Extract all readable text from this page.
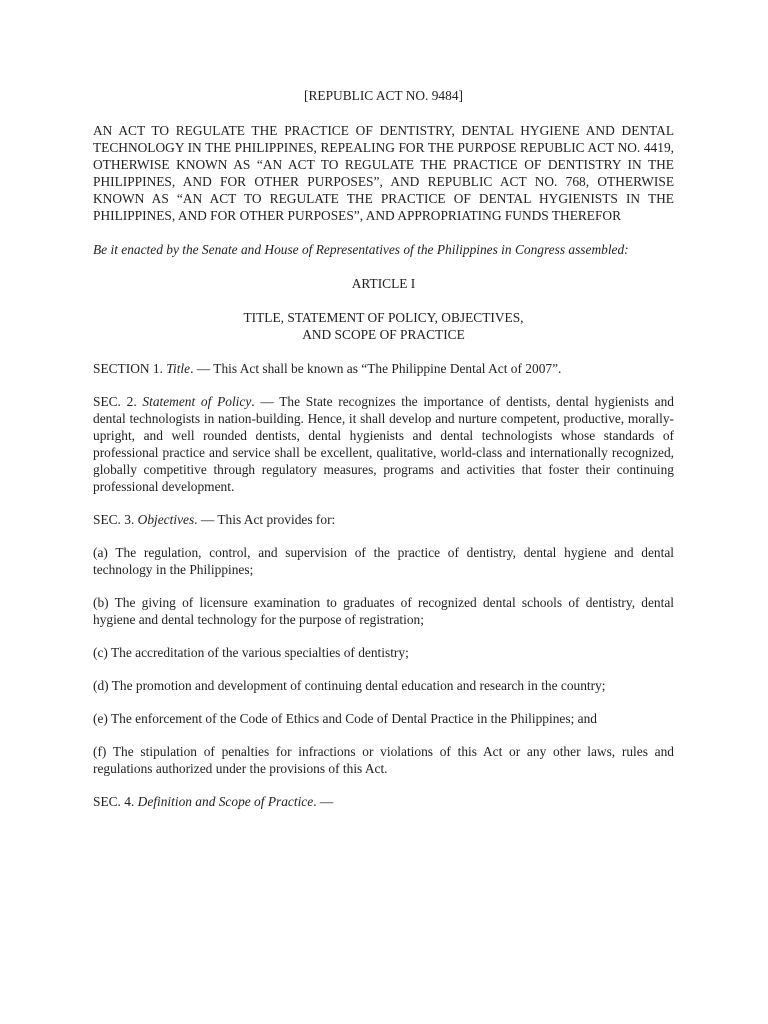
[REPUBLIC ACT NO. 9484]

AN ACT TO REGULATE THE PRACTICE OF DENTISTRY, DENTAL HYGIENE AND DENTAL TECHNOLOGY IN THE PHILIPPINES, REPEALING FOR THE PURPOSE REPUBLIC ACT NO. 4419, OTHERWISE KNOWN AS “AN ACT TO REGULATE THE PRACTICE OF DENTISTRY IN THE PHILIPPINES, AND FOR OTHER PURPOSES”, AND REPUBLIC ACT NO. 768, OTHERWISE KNOWN AS “AN ACT TO REGULATE THE PRACTICE OF DENTAL HYGIENISTS IN THE PHILIPPINES, AND FOR OTHER PURPOSES”, AND APPROPRIATING FUNDS THEREFOR

Be it enacted by the Senate and House of Representatives of the Philippines in Congress assembled:

ARTICLE I

TITLE, STATEMENT OF POLICY, OBJECTIVES,
AND SCOPE OF PRACTICE

SECTION 1. Title. — This Act shall be known as “The Philippine Dental Act of 2007”.

SEC. 2. Statement of Policy. — The State recognizes the importance of dentists, dental hygienists and dental technologists in nation-building. Hence, it shall develop and nurture competent, productive, morally-upright, and well rounded dentists, dental hygienists and dental technologists whose standards of professional practice and service shall be excellent, qualitative, world-class and internationally recognized, globally competitive through regulatory measures, programs and activities that foster their continuing professional development.

SEC. 3. Objectives. — This Act provides for:

(a) The regulation, control, and supervision of the practice of dentistry, dental hygiene and dental technology in the Philippines;

(b) The giving of licensure examination to graduates of recognized dental schools of dentistry, dental hygiene and dental technology for the purpose of registration;

(c) The accreditation of the various specialties of dentistry;

(d) The promotion and development of continuing dental education and research in the country;

(e) The enforcement of the Code of Ethics and Code of Dental Practice in the Philippines; and

(f) The stipulation of penalties for infractions or violations of this Act or any other laws, rules and regulations authorized under the provisions of this Act.

SEC. 4. Definition and Scope of Practice. —
